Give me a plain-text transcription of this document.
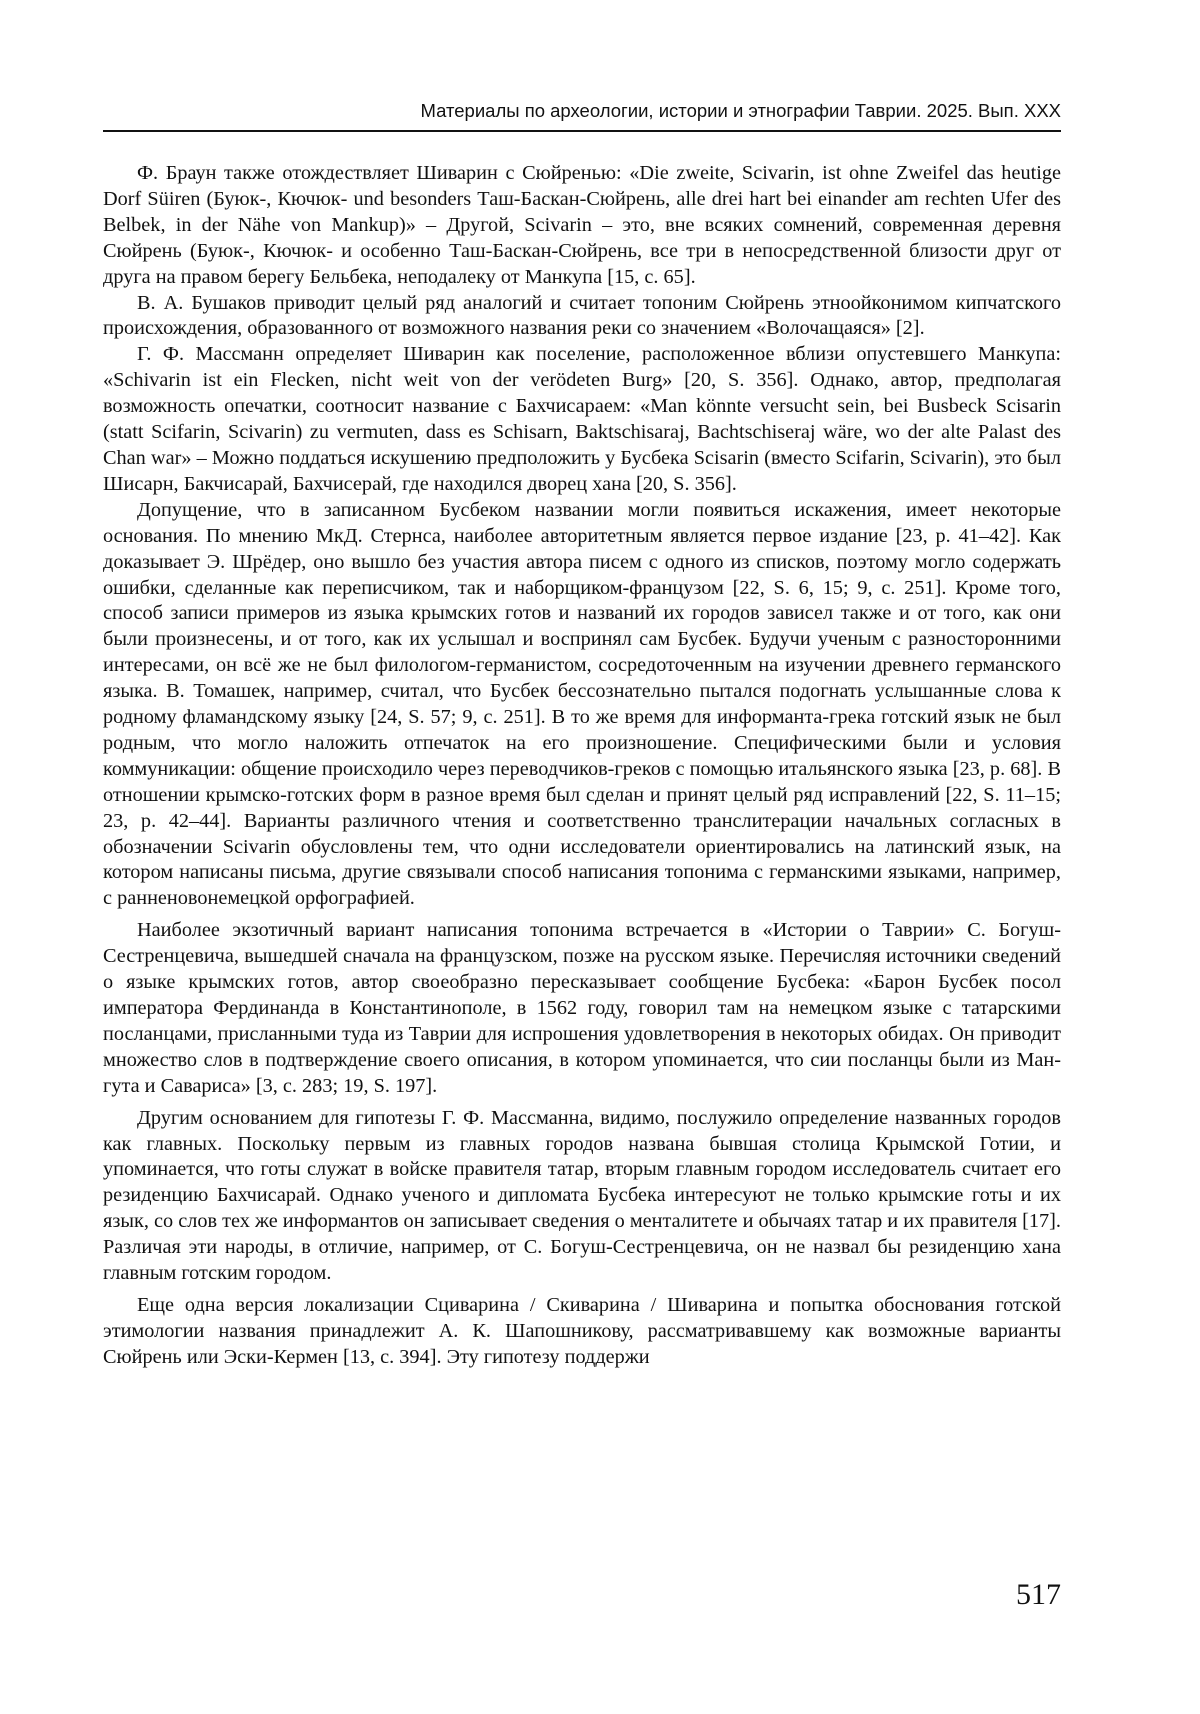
Материалы по археологии, истории и этнографии Таврии. 2025. Вып. XXX

Ф. Браун также отождествляет Шиварин с Сюйренью: «Die zweite, Scivarin, ist ohne Zweifel das heutige Dorf Süiren (Буюк-, Кючюк- und besonders Таш-Баскан-Сюйрень, alle drei hart bei einander am rechten Ufer des Belbek, in der Nähe von Mankup)» – Другой, Scivarin – это, вне всяких сомнений, современная деревня Сюйрень (Буюк-, Кючюк- и особенно Таш-Баскан-Сюйрень, все три в непосредственной близости друг от друга на правом берегу Бельбека, неподалеку от Манкупа [15, с. 65].

В. А. Бушаков приводит целый ряд аналогий и считает топоним Сюйрень этноойконимом кипчатского происхождения, образованного от возможного названия реки со значением «Волочащаяся» [2].

Г. Ф. Массманн определяет Шиварин как поселение, расположенное вблизи опустевшего Манкупа: «Schivarin ist ein Flecken, nicht weit von der verödeten Burg» [20, S. 356]. Однако, автор, предполагая возможность опечатки, соотносит название с Бахчисараем: «Man könnte versucht sein, bei Busbeck Scisarin (statt Scifarin, Scivarin) zu vermuten, dass es Schisarn, Baktschisaraj, Bachtschiseraj wäre, wo der alte Palast des Chan war» – Можно поддаться искушению предположить у Бусбека Scisarin (вместо Scifarin, Scivarin), это был Шисарн, Бакчисарай, Бахчисерай, где находился дворец хана [20, S. 356].

Допущение, что в записанном Бусбеком названии могли появиться искажения, имеет некоторые основания. По мнению МкД. Стернса, наиболее авторитетным является первое издание [23, p. 41–42]. Как доказывает Э. Шрёдер, оно вышло без участия автора писем с одного из списков, поэтому могло содержать ошибки, сделанные как переписчиком, так и наборщиком-французом [22, S. 6, 15; 9, c. 251]. Кроме того, способ записи примеров из языка крымских готов и названий их городов зависел также и от того, как они были произнесены, и от того, как их услышал и воспринял сам Бусбек. Будучи ученым с разносторонними интересами, он всё же не был филологом-германистом, сосредоточенным на изучении древнего германского языка. В. Томашек, например, считал, что Бусбек бессознательно пытался подогнать услышанные слова к родному фламандскому языку [24, S. 57; 9, c. 251]. В то же время для информанта-грека готский язык не был родным, что могло наложить отпечаток на его произношение. Специфическими были и условия коммуникации: общение происходило через переводчиков-греков с помощью итальянского языка [23, p. 68]. В отношении крымско-готских форм в разное время был сделан и принят целый ряд исправлений [22, S. 11–15; 23, p. 42–44]. Варианты различного чтения и соответственно транслитерации начальных согласных в обозначении Scivarin обусловлены тем, что одни исследователи ориентировались на латинский язык, на котором написаны письма, другие связывали способ написания топонима с германскими языками, например, с ранненовонемецкой орфографией.

Наиболее экзотичный вариант написания топонима встречается в «Истории о Таврии» С. Богуш-Сестренцевича, вышедшей сначала на французском, позже на русском языке. Перечисляя источники сведений о языке крымских готов, автор своеобразно пересказывает сообщение Бусбека: «Барон Бусбек посол императора Фердинанда в Константинополе, в 1562 году, говорил там на немецком языке с татарскими посланцами, присланными туда из Таврии для испрошения удовлетворения в некоторых обидах. Он приводит множество слов в подтверждение своего описания, в котором упоминается, что сии посланцы были из Мангута и Савариса» [3, c. 283; 19, S. 197].

Другим основанием для гипотезы Г. Ф. Массманна, видимо, послужило определение названных городов как главных. Поскольку первым из главных городов названа бывшая столица Крымской Готии, и упоминается, что готы служат в войске правителя татар, вторым главным городом исследователь считает его резиденцию Бахчисарай. Однако ученого и дипломата Бусбека интересуют не только крымские готы и их язык, со слов тех же информантов он записывает сведения о менталитете и обычаях татар и их правителя [17]. Различая эти народы, в отличие, например, от С. Богуш-Сестренцевича, он не назвал бы резиденцию хана главным готским городом.

Еще одна версия локализации Сциварина / Скиварина / Шиварина и попытка обоснования готской этимологии названия принадлежит А. К. Шапошникову, рассматривавшему как возможные варианты Сюйрень или Эски-Кермен [13, c. 394]. Эту гипотезу поддержи

517
